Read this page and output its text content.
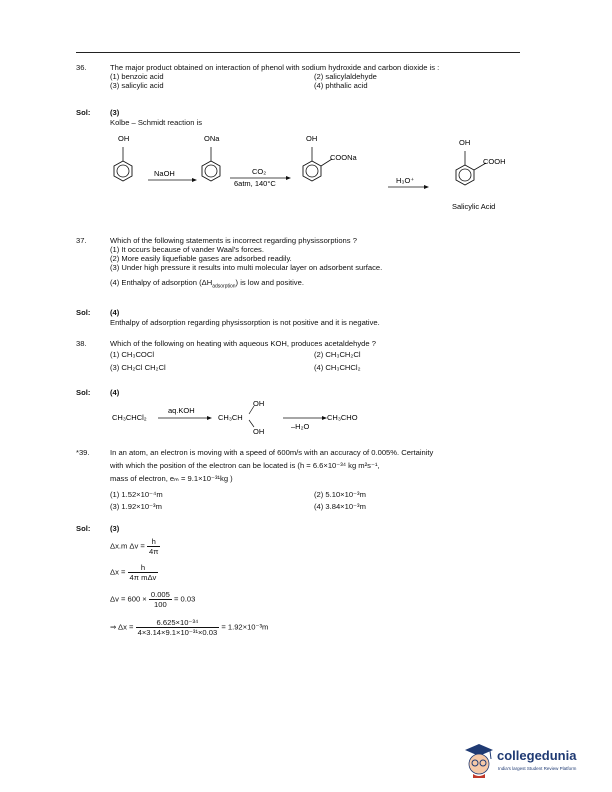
36.	The major product obtained on interaction of phenol with sodium hydroxide and carbon dioxide is :
(1) benzoic acid	(2) salicylaldehyde
(3) salicylic acid	(4) phthalic acid
Sol:	(3)
Kolbe – Schmidt reaction is
OH
NaOH
ONa
CO₂
6atm, 140°C
OH
COONa
H₃O⁺
OH
COOH
Salicylic Acid
37.	Which of the following statements is incorrect regarding physissorptions ?
(1) It occurs because of vander Waal's forces.
(2) More easily liquefiable gases are adsorbed readily.
(3) Under high pressure it results into multi molecular layer on adsorbent surface.
(4) Enthalpy of adsorption $(\Delta H_{adsorption})$ is low and positive.
Sol:	(4)
Enthalpy of adsorption regarding physissorption is not positive and it is negative.
38.	Which of the following on heating with aqueous KOH, produces acetaldehyde ?
(1) CH₃COCl	(2) CH₃CH₂Cl
(3) CH₂Cl CH₂Cl	(4) CH₃CHCl₂
Sol:	(4)
CH₃CHCl₂
aq.KOH
CH₃CH
OH
OH
–H₂O
CH₃CHO
*39.	In an atom, an electron is moving with a speed of 600m/s with an accuracy of 0.005%. Certainity
with which the position of the electron can be located is (h = 6.6×10⁻³⁴ kg m²s⁻¹,
mass of electron, eₘ = 9.1×10⁻³¹kg )
(1) 1.52×10⁻⁴m	(2) 5.10×10⁻³m
(3) 1.92×10⁻³m	(4) 3.84×10⁻³m
Sol:	(3)
Δx.m $\Delta v = \frac{h}{4\pi}$
$\Delta x = \frac{h}{\text{4π mΔv}}$
$\Delta v = 600 \times \frac{0.005}{100} = 0.03$
⇒ $\Delta x = \frac{\text{6.625×10⁻³⁴}}{\text{4×3.14×9.1×10⁻³¹×0.03}} = 1.92\times 10^{-3}m$
collegedunia
India's largest Student Review Platform
